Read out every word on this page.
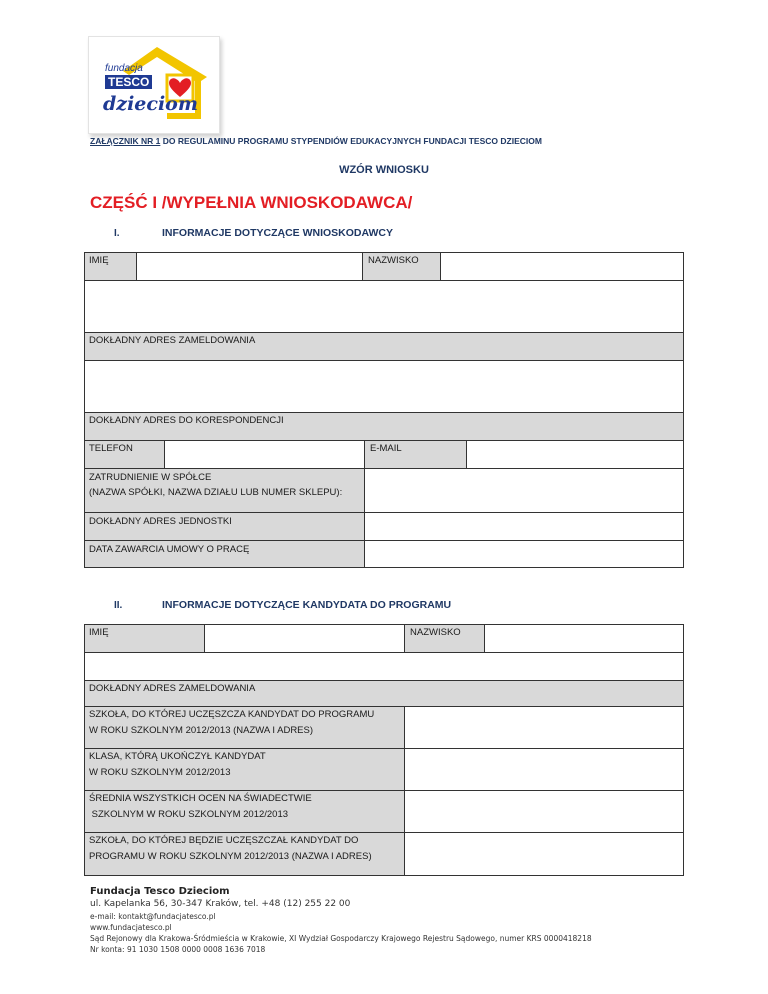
fundacja
TESCO
dzieciom
ZAŁĄCZNIK NR 1 DO REGULAMINU PROGRAMU STYPENDIÓW EDUKACYJNYCH FUNDACJI TESCO DZIECIOM
WZÓR WNIOSKU
CZĘŚĆ I /WYPEŁNIA WNIOSKODAWCA/
I.	INFORMACJE DOTYCZĄCE WNIOSKODAWCY
IMIĘ	NAZWISKO
DOKŁADNY ADRES ZAMELDOWANIA
DOKŁADNY ADRES DO KORESPONDENCJI
TELEFON	E-MAIL
ZATRUDNIENIE W SPÓŁCE
(NAZWA SPÓŁKI, NAZWA DZIAŁU LUB NUMER SKLEPU):
DOKŁADNY ADRES JEDNOSTKI
DATA ZAWARCIA UMOWY O PRACĘ
II.	INFORMACJE DOTYCZĄCE KANDYDATA DO PROGRAMU
IMIĘ	NAZWISKO
DOKŁADNY ADRES ZAMELDOWANIA
SZKOŁA, DO KTÓREJ UCZĘSZCZA KANDYDAT DO PROGRAMU
W ROKU SZKOLNYM 2012/2013 (NAZWA I ADRES)
KLASA, KTÓRĄ UKOŃCZYŁ KANDYDAT
W ROKU SZKOLNYM 2012/2013
ŚREDNIA WSZYSTKICH OCEN NA ŚWIADECTWIE
SZKOLNYM W ROKU SZKOLNYM 2012/2013
SZKOŁA, DO KTÓREJ BĘDZIE UCZĘSZCZAŁ KANDYDAT DO
PROGRAMU W ROKU SZKOLNYM 2012/2013 (NAZWA I ADRES)
Fundacja Tesco Dzieciom
ul. Kapelanka 56, 30-347 Kraków, tel. +48 (12) 255 22 00
e-mail: kontakt@fundacjatesco.pl
www.fundacjatesco.pl
Sąd Rejonowy dla Krakowa-Śródmieścia w Krakowie, XI Wydział Gospodarczy Krajowego Rejestru Sądowego, numer KRS 0000418218
Nr konta: 91 1030 1508 0000 0008 1636 7018
